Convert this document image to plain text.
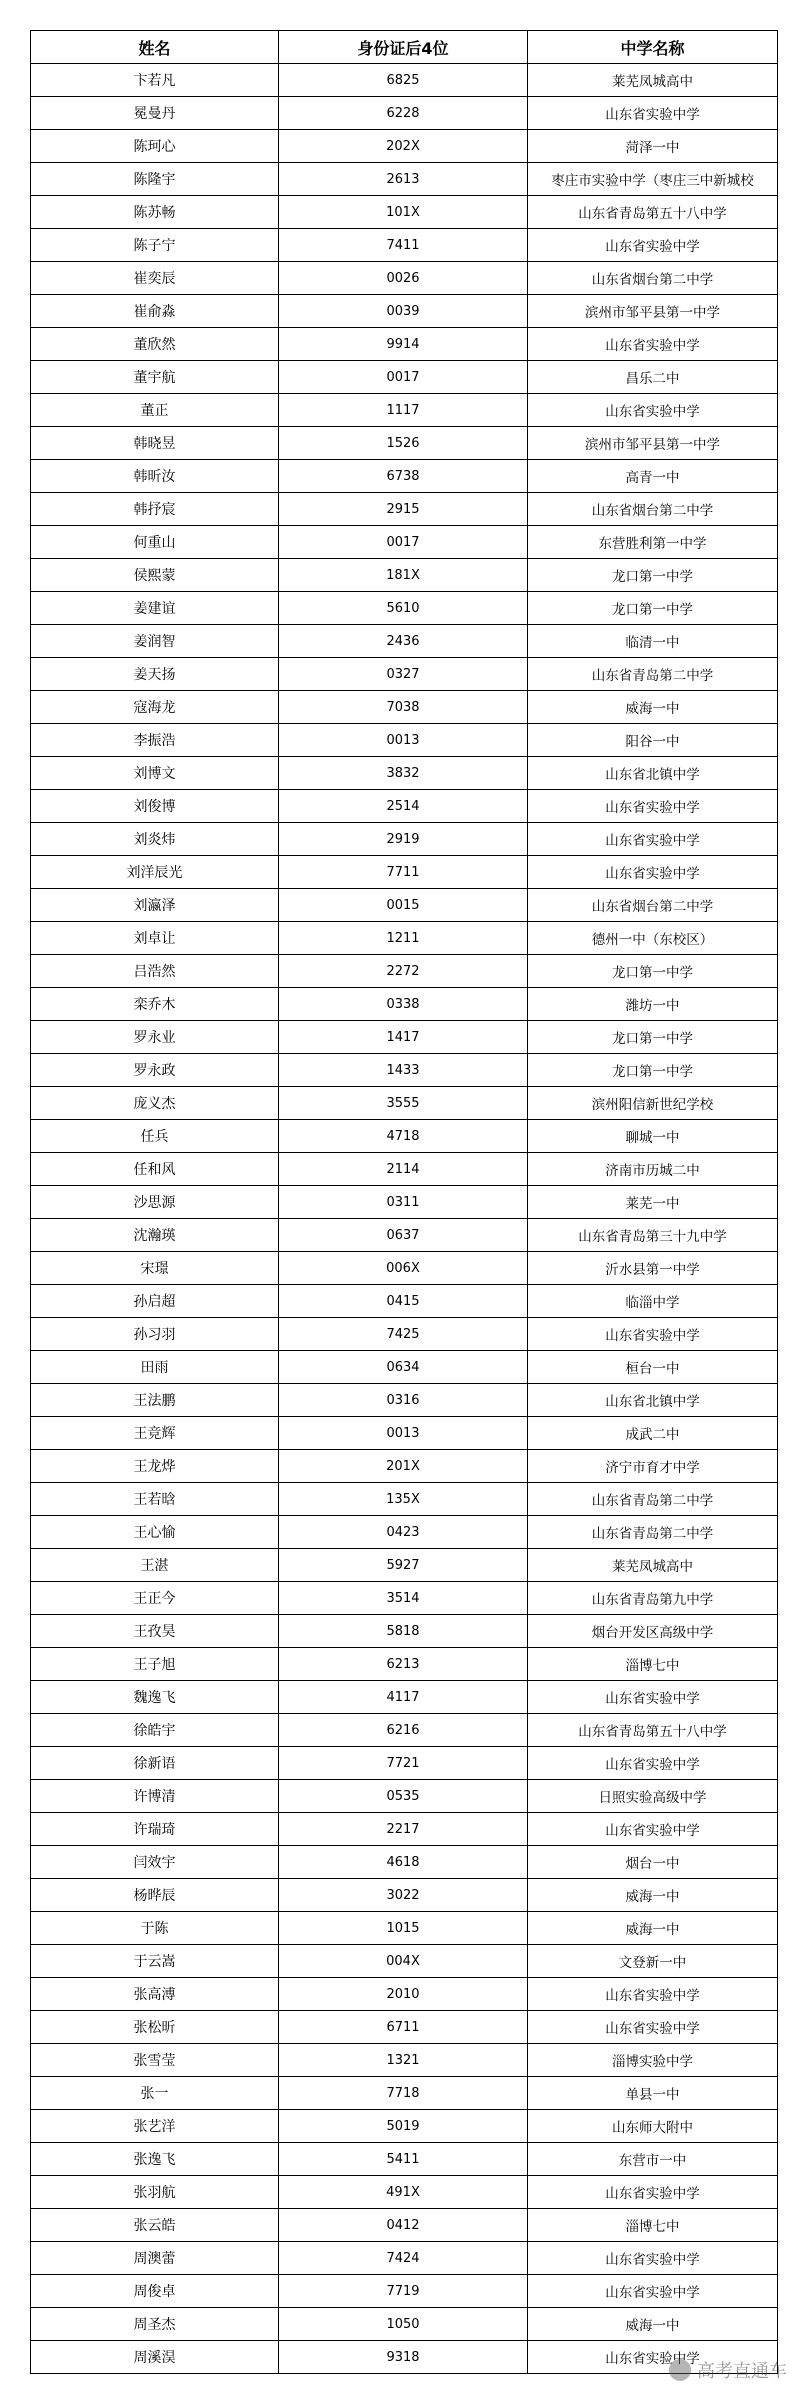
姓名	身份证后4位	中学名称
卞若凡	6825	莱芜凤城高中
冕曼丹	6228	山东省实验中学
陈珂心	202X	菏泽一中
陈隆宇	2613	枣庄市实验中学（枣庄三中新城校
陈苏畅	101X	山东省青岛第五十八中学
陈子宁	7411	山东省实验中学
崔奕辰	0026	山东省烟台第二中学
崔俞淼	0039	滨州市邹平县第一中学
董欣然	9914	山东省实验中学
董宇航	0017	昌乐二中
董正	1117	山东省实验中学
韩晓昱	1526	滨州市邹平县第一中学
韩昕汝	6738	高青一中
韩抒宸	2915	山东省烟台第二中学
何重山	0017	东营胜利第一中学
侯熙蒙	181X	龙口第一中学
姜建谊	5610	龙口第一中学
姜润智	2436	临清一中
姜天扬	0327	山东省青岛第二中学
寇海龙	7038	威海一中
李振浩	0013	阳谷一中
刘博文	3832	山东省北镇中学
刘俊博	2514	山东省实验中学
刘炎炜	2919	山东省实验中学
刘洋辰光	7711	山东省实验中学
刘瀛泽	0015	山东省烟台第二中学
刘卓让	1211	德州一中（东校区）
吕浩然	2272	龙口第一中学
栾乔木	0338	潍坊一中
罗永业	1417	龙口第一中学
罗永政	1433	龙口第一中学
庞义杰	3555	滨州阳信新世纪学校
任兵	4718	聊城一中
任和风	2114	济南市历城二中
沙思源	0311	莱芜一中
沈瀚瑛	0637	山东省青岛第三十九中学
宋璟	006X	沂水县第一中学
孙启超	0415	临淄中学
孙习羽	7425	山东省实验中学
田雨	0634	桓台一中
王法鹏	0316	山东省北镇中学
王竞辉	0013	成武二中
王龙烨	201X	济宁市育才中学
王若晗	135X	山东省青岛第二中学
王心愉	0423	山东省青岛第二中学
王湛	5927	莱芜凤城高中
王正今	3514	山东省青岛第九中学
王孜昊	5818	烟台开发区高级中学
王子旭	6213	淄博七中
魏逸飞	4117	山东省实验中学
徐皓宇	6216	山东省青岛第五十八中学
徐新语	7721	山东省实验中学
许博清	0535	日照实验高级中学
许瑞琦	2217	山东省实验中学
闫效宇	4618	烟台一中
杨晔辰	3022	威海一中
于陈	1015	威海一中
于云嵩	004X	文登新一中
张高溥	2010	山东省实验中学
张松昕	6711	山东省实验中学
张雪莹	1321	淄博实验中学
张一	7718	单县一中
张艺洋	5019	山东师大附中
张逸飞	5411	东营市一中
张羽航	491X	山东省实验中学
张云皓	0412	淄博七中
周澳蕾	7424	山东省实验中学
周俊卓	7719	山东省实验中学
周圣杰	1050	威海一中
周溪淏	9318	山东省实验中学
高考直通车
